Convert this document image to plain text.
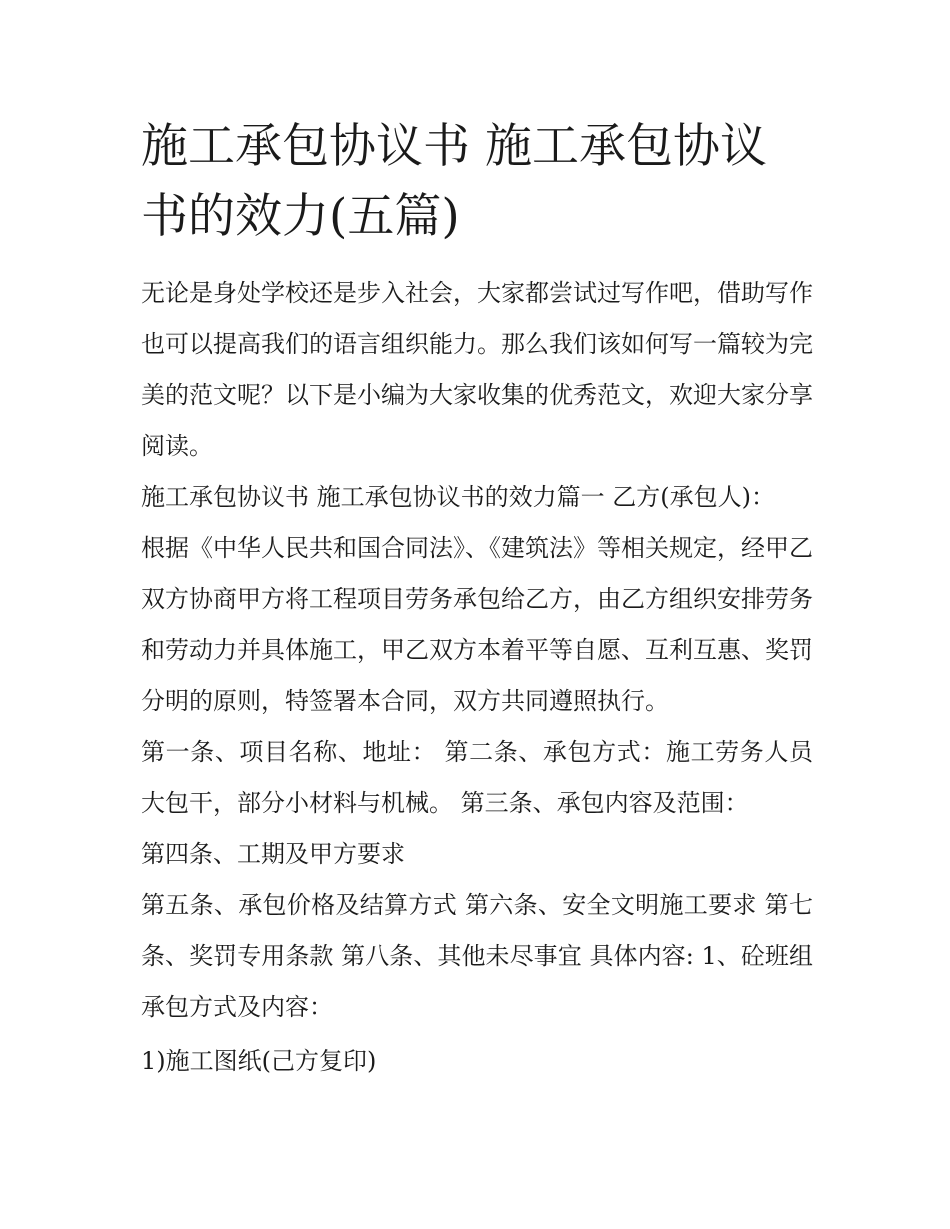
施工承包协议书 施工承包协议
书的效力(五篇)

无论是身处学校还是步入社会，大家都尝试过写作吧，借助写作也可以提高我们的语言组织能力。那么我们该如何写一篇较为完美的范文呢？以下是小编为大家收集的优秀范文，欢迎大家分享阅读。

施工承包协议书 施工承包协议书的效力篇一 乙方(承包人)：

根据《中华人民共和国合同法》、《建筑法》等相关规定，经甲乙双方协商甲方将工程项目劳务承包给乙方，由乙方组织安排劳务和劳动力并具体施工，甲乙双方本着平等自愿、互利互惠、奖罚分明的原则，特签署本合同，双方共同遵照执行。

第一条、项目名称、地址： 第二条、承包方式：施工劳务人员大包干，部分小材料与机械。 第三条、承包内容及范围：

第四条、工期及甲方要求

第五条、承包价格及结算方式 第六条、安全文明施工要求 第七条、奖罚专用条款 第八条、其他未尽事宜 具体内容: 1、砼班组承包方式及内容：

1)施工图纸(己方复印)
